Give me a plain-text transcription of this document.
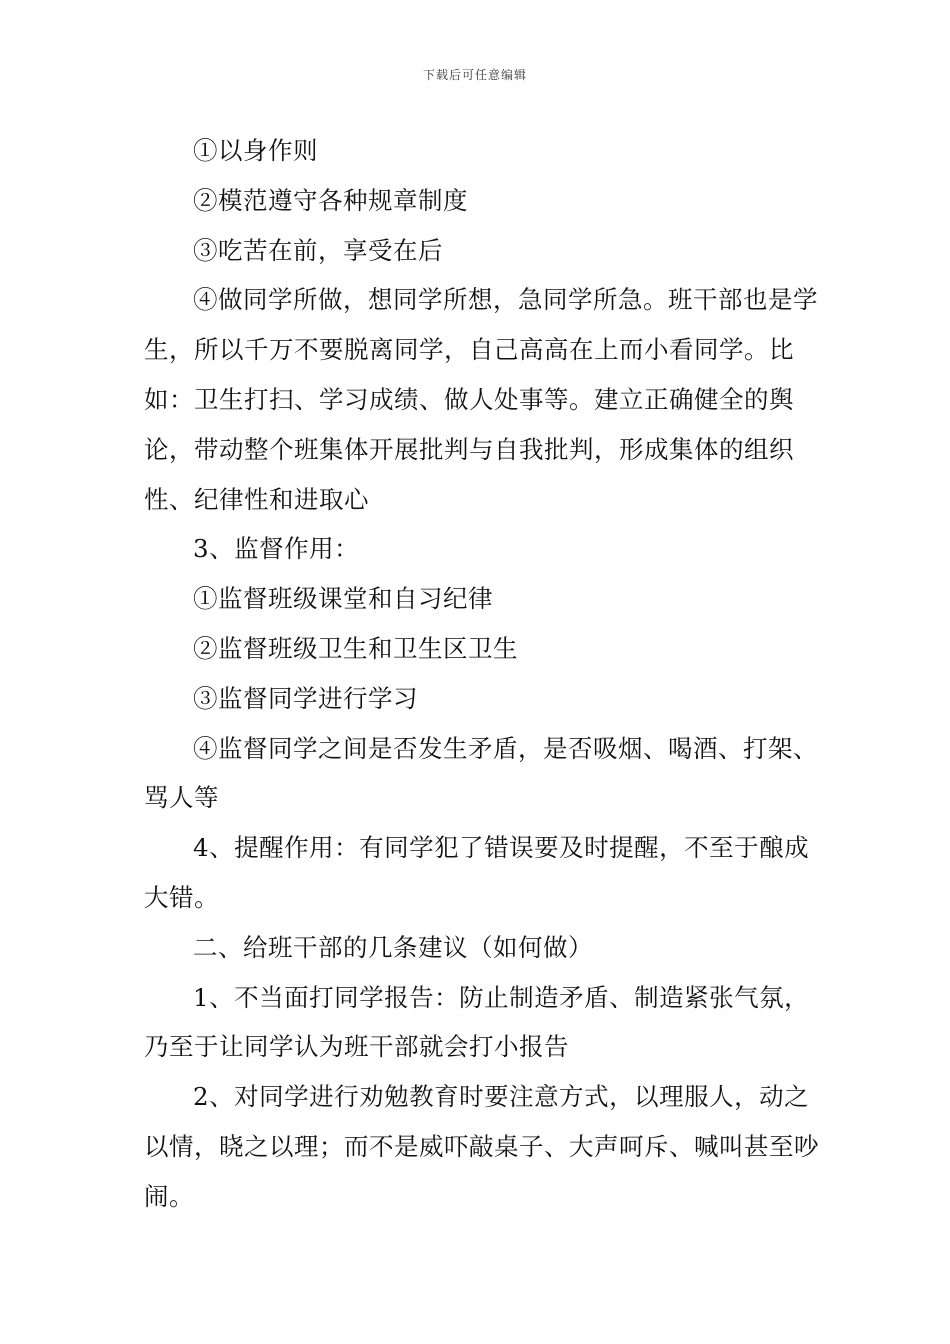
下载后可任意编辑

①以身作则

②模范遵守各种规章制度

③吃苦在前，享受在后

④做同学所做，想同学所想，急同学所急。班干部也是学生，所以千万不要脱离同学，自己高高在上而小看同学。比如：卫生打扫、学习成绩、做人处事等。建立正确健全的舆论，带动整个班集体开展批判与自我批判，形成集体的组织性、纪律性和进取心

3、监督作用：

①监督班级课堂和自习纪律

②监督班级卫生和卫生区卫生

③监督同学进行学习

④监督同学之间是否发生矛盾，是否吸烟、喝酒、打架、骂人等

4、提醒作用：有同学犯了错误要及时提醒，不至于酿成大错。

二、给班干部的几条建议（如何做）

1、不当面打同学报告：防止制造矛盾、制造紧张气氛，乃至于让同学认为班干部就会打小报告

2、对同学进行劝勉教育时要注意方式，以理服人，动之以情，晓之以理；而不是威吓敲桌子、大声呵斥、喊叫甚至吵闹。
